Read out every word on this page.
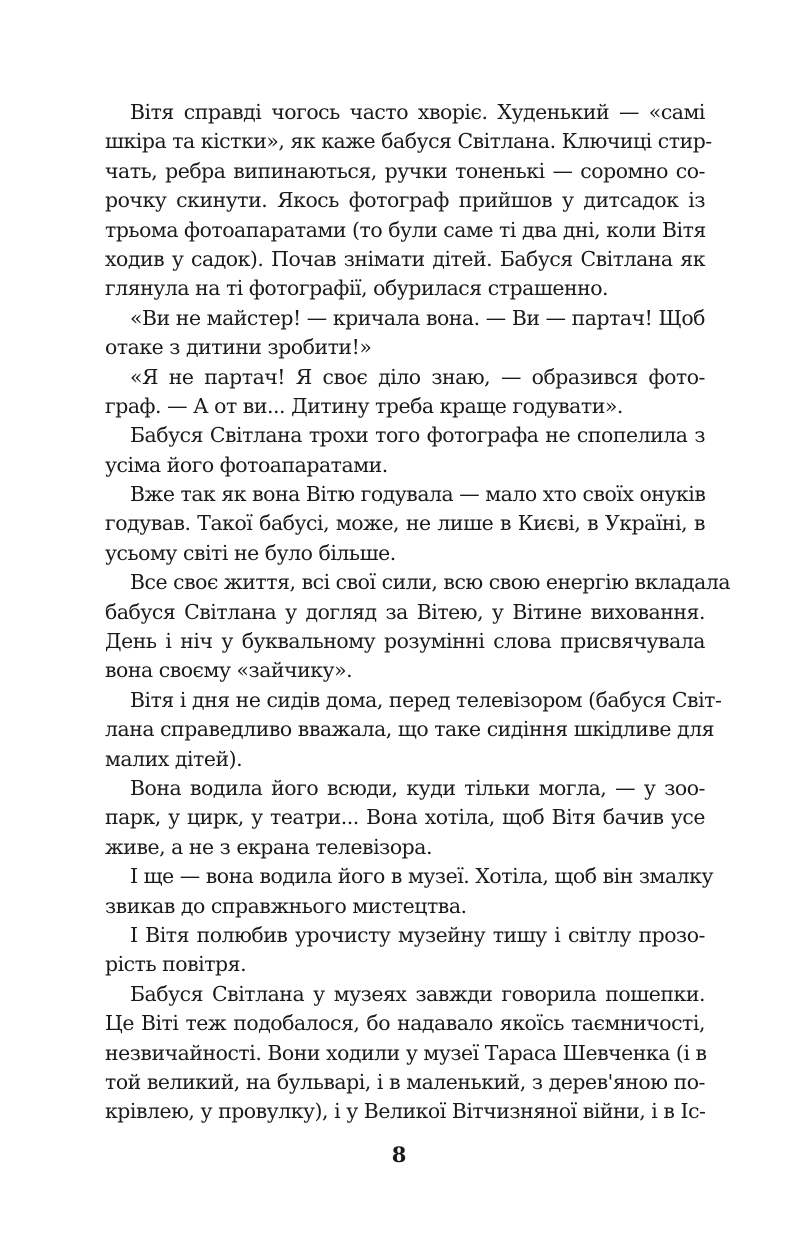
Вітя справді чогось часто хворіє. Худенький — «самі
шкіра та кістки», як каже бабуся Світлана. Ключиці стир-
чать, ребра випинаються, ручки тоненькі — соромно со-
рочку скинути. Якось фотограф прийшов у дитсадок із
трьома фотоапаратами (то були саме ті два дні, коли Вітя
ходив у садок). Почав знімати дітей. Бабуся Світлана як
глянула на ті фотографії, обурилася страшенно.
«Ви не майстер! — кричала вона. — Ви — партач! Щоб
отаке з дитини зробити!»
«Я не партач! Я своє діло знаю, — образився фото-
граф. — А от ви... Дитину треба краще годувати».
Бабуся Світлана трохи того фотографа не спопелила з
усіма його фотоапаратами.
Вже так як вона Вітю годувала — мало хто своїх онуків
годував. Такої бабусі, може, не лише в Києві, в Україні, в
усьому світі не було більше.
Все своє життя, всі свої сили, всю свою енергію вкладала
бабуся Світлана у догляд за Вітею, у Вітине виховання.
День і ніч у буквальному розумінні слова присвячувала
вона своєму «зайчику».
Вітя і дня не сидів дома, перед телевізором (бабуся Світ-
лана справедливо вважала, що таке сидіння шкідливе для
малих дітей).
Вона водила його всюди, куди тільки могла, — у зоо-
парк, у цирк, у театри... Вона хотіла, щоб Вітя бачив усе
живе, а не з екрана телевізора.
І ще — вона водила його в музеї. Хотіла, щоб він змалку
звикав до справжнього мистецтва.
І Вітя полюбив урочисту музейну тишу і світлу прозо-
рість повітря.
Бабуся Світлана у музеях завжди говорила пошепки.
Це Віті теж подобалося, бо надавало якоїсь таємничості,
незвичайності. Вони ходили у музеї Тараса Шевченка (і в
той великий, на бульварі, і в маленький, з дерев'яною по-
крівлею, у провулку), і у Великої Вітчизняної війни, і в Іс-
8
